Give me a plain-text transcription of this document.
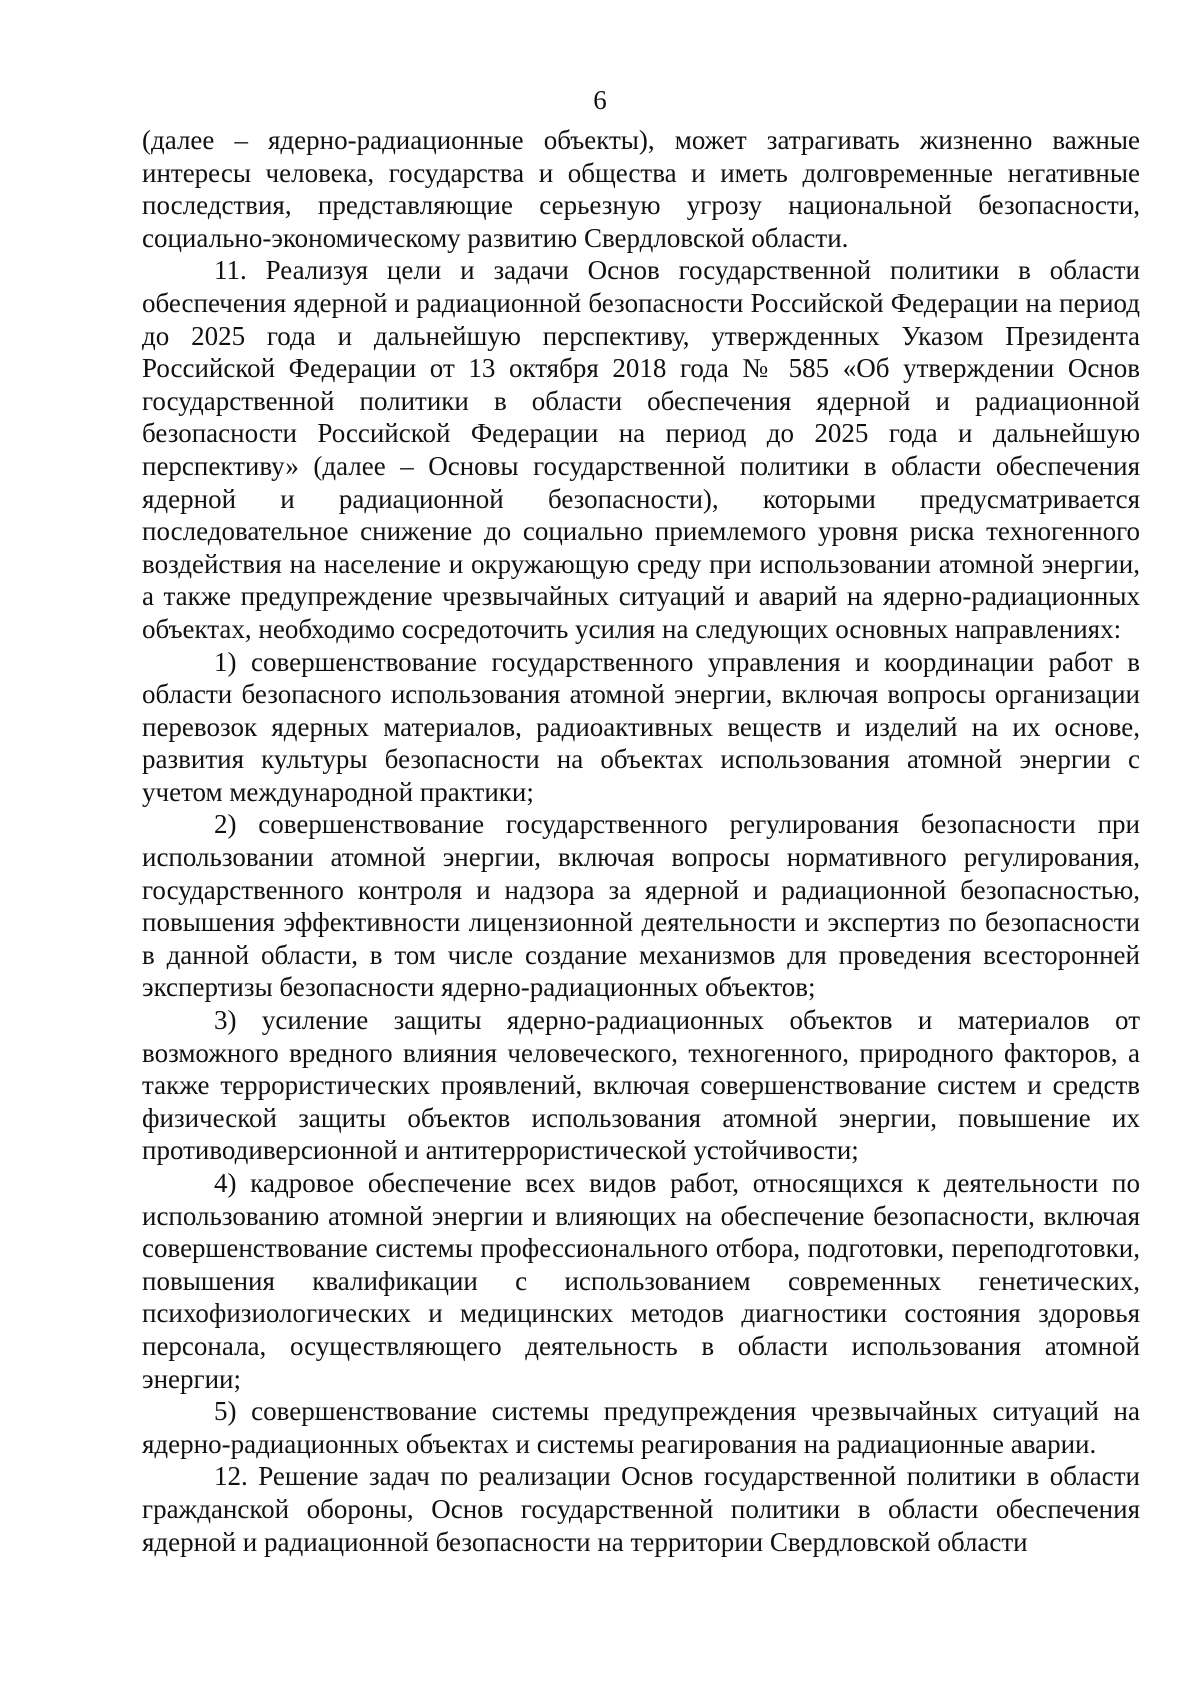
6

(далее – ядерно-радиационные объекты), может затрагивать жизненно важные интересы человека, государства и общества и иметь долговременные негативные последствия, представляющие серьезную угрозу национальной безопасности, социально-экономическому развитию Свердловской области.

11. Реализуя цели и задачи Основ государственной политики в области обеспечения ядерной и радиационной безопасности Российской Федерации на период до 2025 года и дальнейшую перспективу, утвержденных Указом Президента Российской Федерации от 13 октября 2018 года № 585 «Об утверждении Основ государственной политики в области обеспечения ядерной и радиационной безопасности Российской Федерации на период до 2025 года и дальнейшую перспективу» (далее – Основы государственной политики в области обеспечения ядерной и радиационной безопасности), которыми предусматривается последовательное снижение до социально приемлемого уровня риска техногенного воздействия на население и окружающую среду при использовании атомной энергии, а также предупреждение чрезвычайных ситуаций и аварий на ядерно-радиационных объектах, необходимо сосредоточить усилия на следующих основных направлениях:

1) совершенствование государственного управления и координации работ в области безопасного использования атомной энергии, включая вопросы организации перевозок ядерных материалов, радиоактивных веществ и изделий на их основе, развития культуры безопасности на объектах использования атомной энергии с учетом международной практики;

2) совершенствование государственного регулирования безопасности при использовании атомной энергии, включая вопросы нормативного регулирования, государственного контроля и надзора за ядерной и радиационной безопасностью, повышения эффективности лицензионной деятельности и экспертиз по безопасности в данной области, в том числе создание механизмов для проведения всесторонней экспертизы безопасности ядерно-радиационных объектов;

3) усиление защиты ядерно-радиационных объектов и материалов от возможного вредного влияния человеческого, техногенного, природного факторов, а также террористических проявлений, включая совершенствование систем и средств физической защиты объектов использования атомной энергии, повышение их противодиверсионной и антитеррористической устойчивости;

4) кадровое обеспечение всех видов работ, относящихся к деятельности по использованию атомной энергии и влияющих на обеспечение безопасности, включая совершенствование системы профессионального отбора, подготовки, переподготовки, повышения квалификации с использованием современных генетических, психофизиологических и медицинских методов диагностики состояния здоровья персонала, осуществляющего деятельность в области использования атомной энергии;

5) совершенствование системы предупреждения чрезвычайных ситуаций на ядерно-радиационных объектах и системы реагирования на радиационные аварии.

12. Решение задач по реализации Основ государственной политики в области гражданской обороны, Основ государственной политики в области обеспечения ядерной и радиационной безопасности на территории Свердловской области
